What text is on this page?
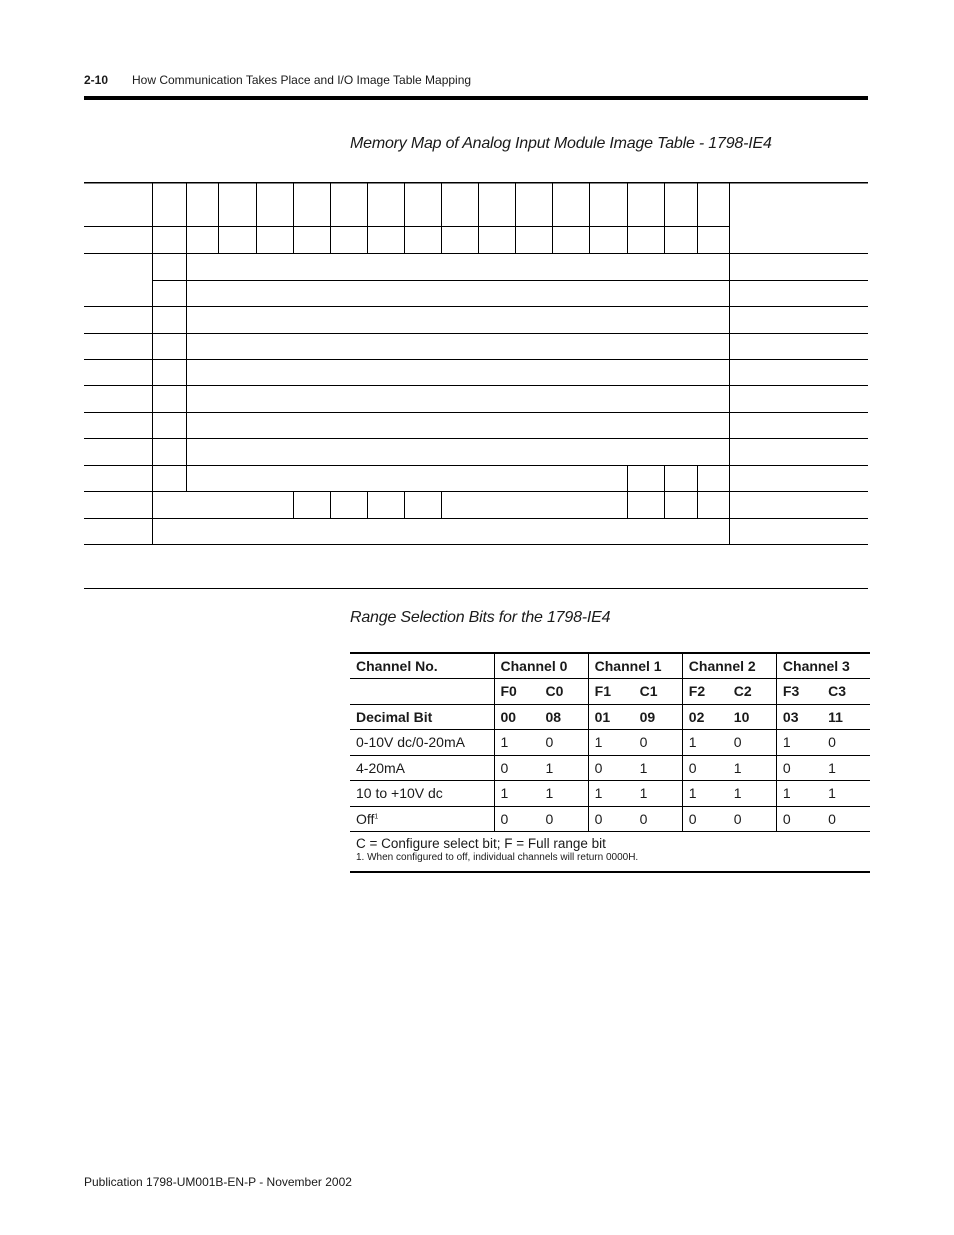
2-10 How Communication Takes Place and I/O Image Table Mapping
Memory Map of Analog Input Module Image Table - 1798-IE4
Range Selection Bits for the 1798-IE4
Channel No.	Channel 0		Channel 1		Channel 2		Channel 3	
	F0	C0	F1	C1	F2	C2	F3	C3
Decimal Bit	00	08	01	09	02	10	03	11
0-10V dc/0-20mA	1	0	1	0	1	0	1	0
4-20mA	0	1	0	1	0	1	0	1
10 to +10V dc	1	1	1	1	1	1	1	1
Off$^1$	0	0	0	0	0	0	0	0

C = Configure select bit; F = Full range bit
1. When configured to off, individual channels will return 0000H.								
Publication 1798-UM001B-EN-P - November 2002
